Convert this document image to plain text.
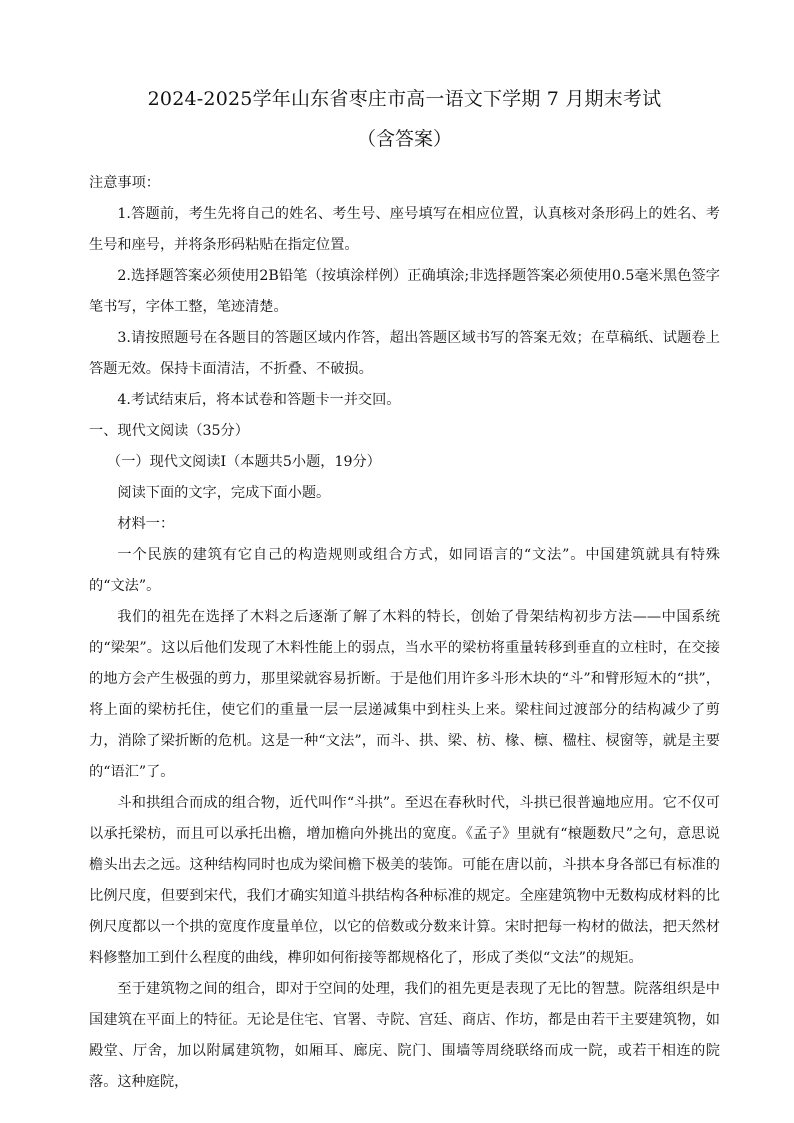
2024-2025学年山东省枣庄市高一语文下学期 7 月期末考试
（含答案）

注意事项：

1.答题前，考生先将自己的姓名、考生号、座号填写在相应位置，认真核对条形码上的姓名、考生号和座号，并将条形码粘贴在指定位置。

2.选择题答案必须使用2B铅笔（按填涂样例）正确填涂;非选择题答案必须使用0.5毫米黑色签字笔书写，字体工整，笔迹清楚。

3.请按照题号在各题目的答题区域内作答，超出答题区域书写的答案无效；在草稿纸、试题卷上答题无效。保持卡面清洁，不折叠、不破损。

4.考试结束后，将本试卷和答题卡一并交回。

一、现代文阅读（35分）

（一）现代文阅读Ⅰ（本题共5小题，19分）

阅读下面的文字，完成下面小题。

材料一：

一个民族的建筑有它自己的构造规则或组合方式，如同语言的“文法”。中国建筑就具有特殊的“文法”。

我们的祖先在选择了木料之后逐渐了解了木料的特长，创始了骨架结构初步方法——中国系统的“梁架”。这以后他们发现了木料性能上的弱点，当水平的梁枋将重量转移到垂直的立柱时，在交接的地方会产生极强的剪力，那里梁就容易折断。于是他们用许多斗形木块的“斗”和臂形短木的“拱”，将上面的梁枋托住，使它们的重量一层一层递减集中到柱头上来。梁柱间过渡部分的结构减少了剪力，消除了梁折断的危机。这是一种“文法”，而斗、拱、梁、枋、椽、檩、楹柱、棂窗等，就是主要的“语汇”了。

斗和拱组合而成的组合物，近代叫作“斗拱”。至迟在春秋时代，斗拱已很普遍地应用。它不仅可以承托梁枋，而且可以承托出檐，增加檐向外挑出的宽度。《孟子》里就有“榱题数尺”之句，意思说檐头出去之远。这种结构同时也成为梁间檐下极美的装饰。可能在唐以前，斗拱本身各部已有标准的比例尺度，但要到宋代，我们才确实知道斗拱结构各种标准的规定。全座建筑物中无数构成材料的比例尺度都以一个拱的宽度作度量单位，以它的倍数或分数来计算。宋时把每一构材的做法，把天然材料修整加工到什么程度的曲线，榫卯如何衔接等都规格化了，形成了类似“文法”的规矩。

至于建筑物之间的组合，即对于空间的处理，我们的祖先更是表现了无比的智慧。院落组织是中国建筑在平面上的特征。无论是住宅、官署、寺院、宫廷、商店、作坊，都是由若干主要建筑物，如殿堂、厅舍，加以附属建筑物，如厢耳、廊庑、院门、围墙等周绕联络而成一院，或若干相连的院落。这种庭院，
